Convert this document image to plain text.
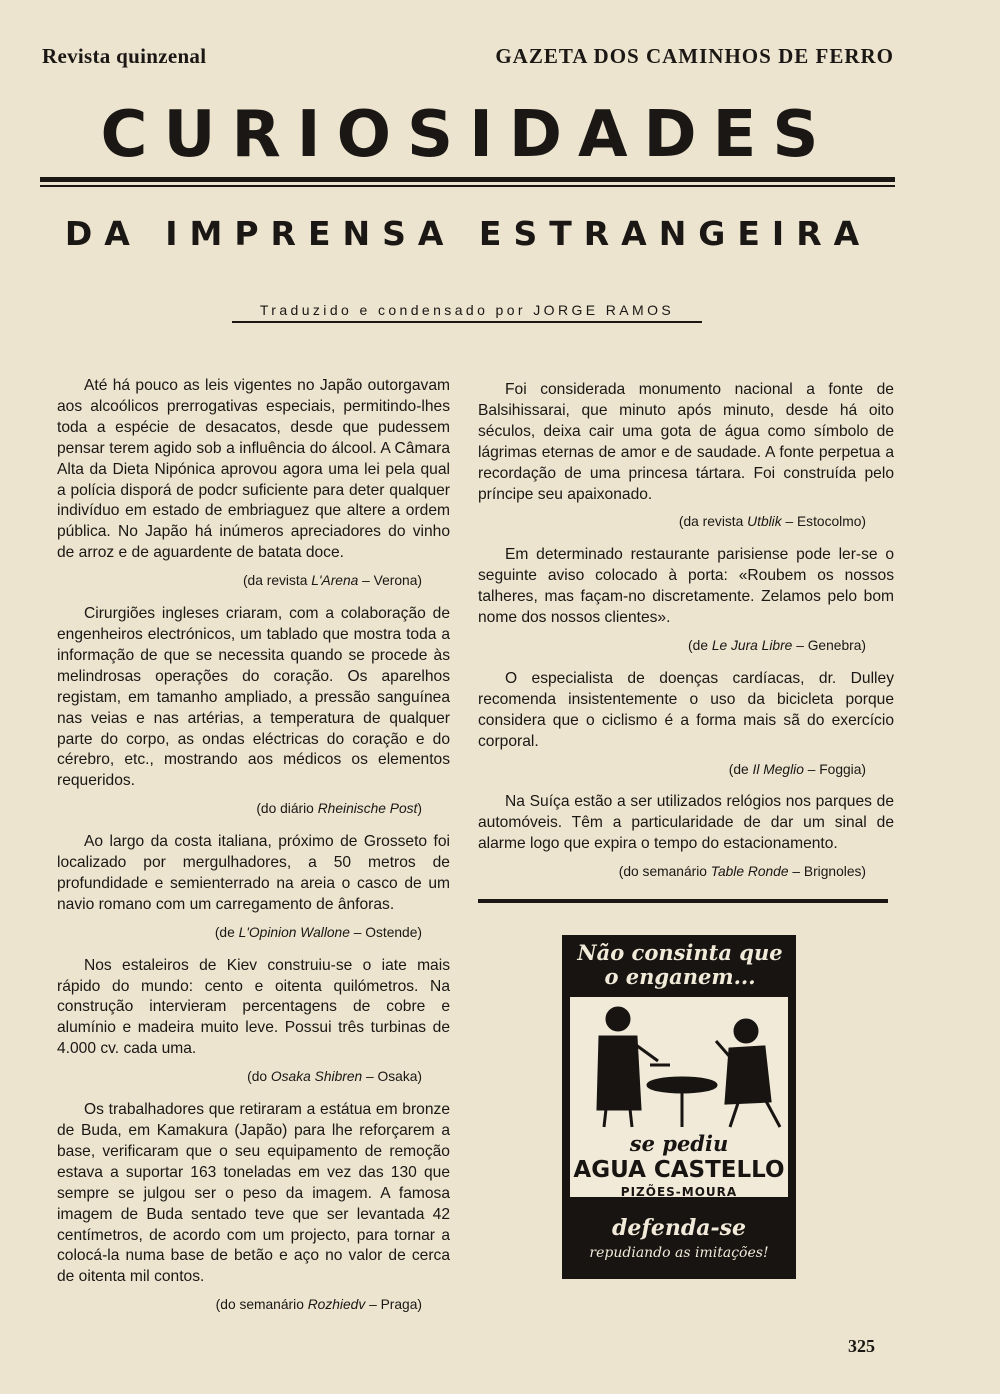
Revista quinzenal	GAZETA DOS CAMINHOS DE FERRO
CURIOSIDADES
DA IMPRENSA ESTRANGEIRA
Traduzido e condensado por JORGE RAMOS

Até há pouco as leis vigentes no Japão outorgavam aos alcoólicos prerrogativas especiais, permitindo-lhes toda a espécie de desacatos, desde que pudessem pensar terem agido sob a influência do álcool. A Câmara Alta da Dieta Nipónica aprovou agora uma lei pela qual a polícia disporá de podcr suficiente para deter qualquer indivíduo em estado de embriaguez que altere a ordem pública. No Japão há inúmeros apreciadores do vinho de arroz e de aguardente de batata doce.

(da revista L'Arena – Verona)

Cirurgiões ingleses criaram, com a colaboração de engenheiros electrónicos, um tablado que mostra toda a informação de que se necessita quando se procede às melindrosas operações do coração. Os aparelhos registam, em tamanho ampliado, a pressão sanguínea nas veias e nas artérias, a temperatura de qualquer parte do corpo, as ondas eléctricas do coração e do cérebro, etc., mostrando aos médicos os elementos requeridos.

(do diário Rheinische Post)

Ao largo da costa italiana, próximo de Grosseto foi localizado por mergulhadores, a 50 metros de profundidade e semienterrado na areia o casco de um navio romano com um carregamento de ânforas.

(de L'Opinion Wallone – Ostende)

Nos estaleiros de Kiev construiu-se o iate mais rápido do mundo: cento e oitenta quilómetros. Na construção intervieram percentagens de cobre e alumínio e madeira muito leve. Possui três turbinas de 4.000 cv. cada uma.

(do Osaka Shibren – Osaka)

Os trabalhadores que retiraram a estátua em bronze de Buda, em Kamakura (Japão) para lhe reforçarem a base, verificaram que o seu equipamento de remoção estava a suportar 163 toneladas em vez das 130 que sempre se julgou ser o peso da imagem. A famosa imagem de Buda sentado teve que ser levantada 42 centímetros, de acordo com um projecto, para tornar a colocá-la numa base de betão e aço no valor de cerca de oitenta mil contos.

(do semanário Rozhiedv – Praga)

Foi considerada monumento nacional a fonte de Balsihissarai, que minuto após minuto, desde há oito séculos, deixa cair uma gota de água como símbolo de lágrimas eternas de amor e de saudade. A fonte perpetua a recordação de uma princesa tártara. Foi construída pelo príncipe seu apaixonado.

(da revista Utblik – Estocolmo)

Em determinado restaurante parisiense pode ler-se o seguinte aviso colocado à porta: «Roubem os nossos talheres, mas façam-no discretamente. Zelamos pelo bom nome dos nossos clientes».

(de Le Jura Libre – Genebra)

O especialista de doenças cardíacas, dr. Dulley recomenda insistentemente o uso da bicicleta porque considera que o ciclismo é a forma mais sã do exercício corporal.

(de Il Meglio – Foggia)

Na Suíça estão a ser utilizados relógios nos parques de automóveis. Têm a particularidade de dar um sinal de alarme logo que expira o tempo do estacionamento.

(do semanário Table Ronde – Brignoles)
Não consinta que
o enganem...
se pediu
AGUA CASTELLO
PIZÕES-MOURA
defenda-se
repudiando as imitações!
325
